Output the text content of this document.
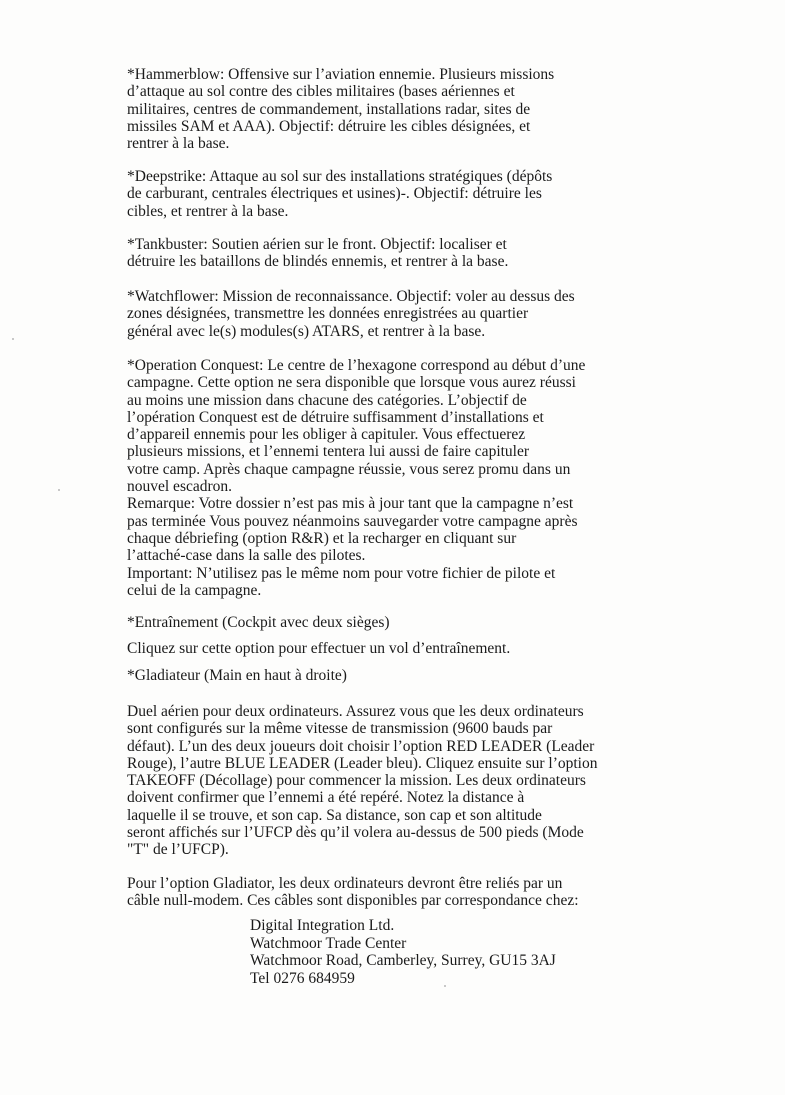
*Hammerblow: Offensive sur l’aviation ennemie. Plusieurs missions

d’attaque au sol contre des cibles militaires (bases aériennes et

militaires, centres de commandement, installations radar, sites de

missiles SAM et AAA). Objectif: détruire les cibles désignées, et

rentrer à la base.

*Deepstrike: Attaque au sol sur des installations stratégiques (dépôts

de carburant, centrales électriques et usines)-. Objectif: détruire les

cibles, et rentrer à la base.

*Tankbuster: Soutien aérien sur le front. Objectif: localiser et

détruire les bataillons de blindés ennemis, et rentrer à la base.

*Watchflower: Mission de reconnaissance. Objectif: voler au dessus des

zones désignées, transmettre les données enregistrées au quartier

général avec le(s) modules(s) ATARS, et rentrer à la base.

*Operation Conquest: Le centre de l’hexagone correspond au début d’une

campagne. Cette option ne sera disponible que lorsque vous aurez réussi

au moins une mission dans chacune des catégories. L’objectif de

l’opération Conquest est de détruire suffisamment d’installations et

d’appareil ennemis pour les obliger à capituler. Vous effectuerez

plusieurs missions, et l’ennemi tentera lui aussi de faire capituler

votre camp. Après chaque campagne réussie, vous serez promu dans un

nouvel escadron.

Remarque: Votre dossier n’est pas mis à jour tant que la campagne n’est

pas terminée Vous pouvez néanmoins sauvegarder votre campagne après

chaque débriefing (option R&R) et la recharger en cliquant sur

l’attaché-case dans la salle des pilotes.

Important: N’utilisez pas le même nom pour votre fichier de pilote et

celui de la campagne.

*Entraînement (Cockpit avec deux sièges)

Cliquez sur cette option pour effectuer un vol d’entraînement.

*Gladiateur (Main en haut à droite)

Duel aérien pour deux ordinateurs. Assurez vous que les deux ordinateurs

sont configurés sur la même vitesse de transmission (9600 bauds par

défaut). L’un des deux joueurs doit choisir l’option RED LEADER (Leader

Rouge), l’autre BLUE LEADER (Leader bleu). Cliquez ensuite sur l’option

TAKEOFF (Décollage) pour commencer la mission. Les deux ordinateurs

doivent confirmer que l’ennemi a été repéré. Notez la distance à

laquelle il se trouve, et son cap. Sa distance, son cap et son altitude

seront affichés sur l’UFCP dès qu’il volera au-dessus de 500 pieds (Mode

"T" de l’UFCP).

Pour l’option Gladiator, les deux ordinateurs devront être reliés par un

câble null-modem. Ces câbles sont disponibles par correspondance chez:

Digital Integration Ltd.

Watchmoor Trade Center

Watchmoor Road, Camberley, Surrey, GU15 3AJ

Tel 0276 684959
